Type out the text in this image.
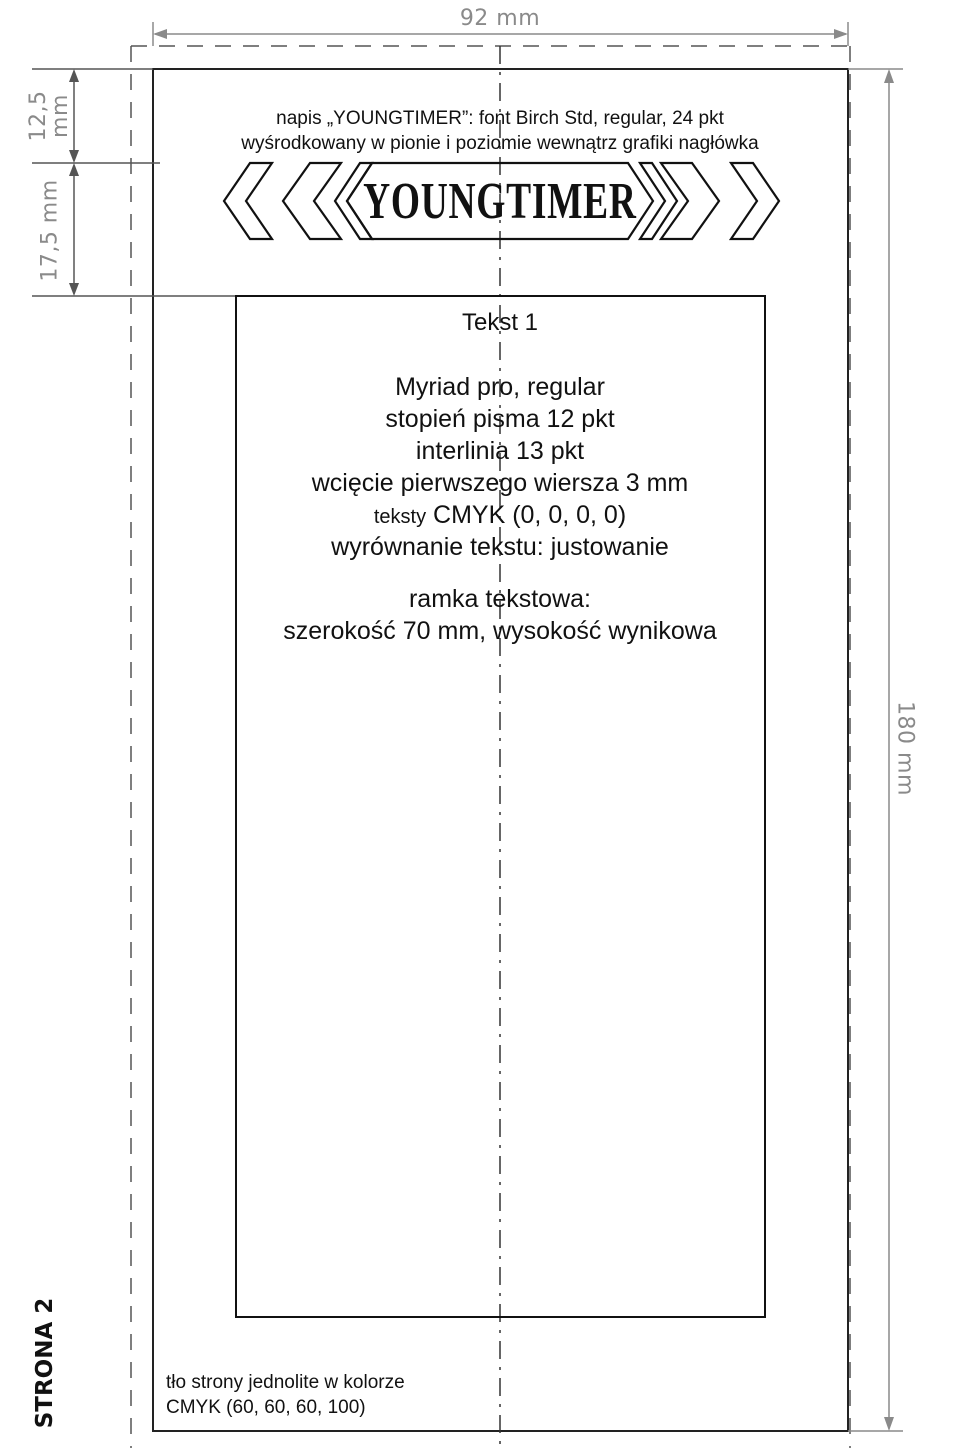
92 mm
180 mm
12,5
mm
17,5 mm
napis „YOUNGTIMER”: font Birch Std, regular, 24 pkt
wyśrodkowany w pionie i poziomie wewnątrz grafiki nagłówka
YOUNGTIMER
Tekst 1
Myriad pro, regular
stopień pisma 12 pkt
interlinia 13 pkt
wcięcie pierwszego wiersza 3 mm
teksty CMYK (0, 0, 0, 0)
wyrównanie tekstu: justowanie
ramka tekstowa:
szerokość 70 mm, wysokość wynikowa
tło strony jednolite w kolorze
CMYK (60, 60, 60, 100)
STRONA 2
